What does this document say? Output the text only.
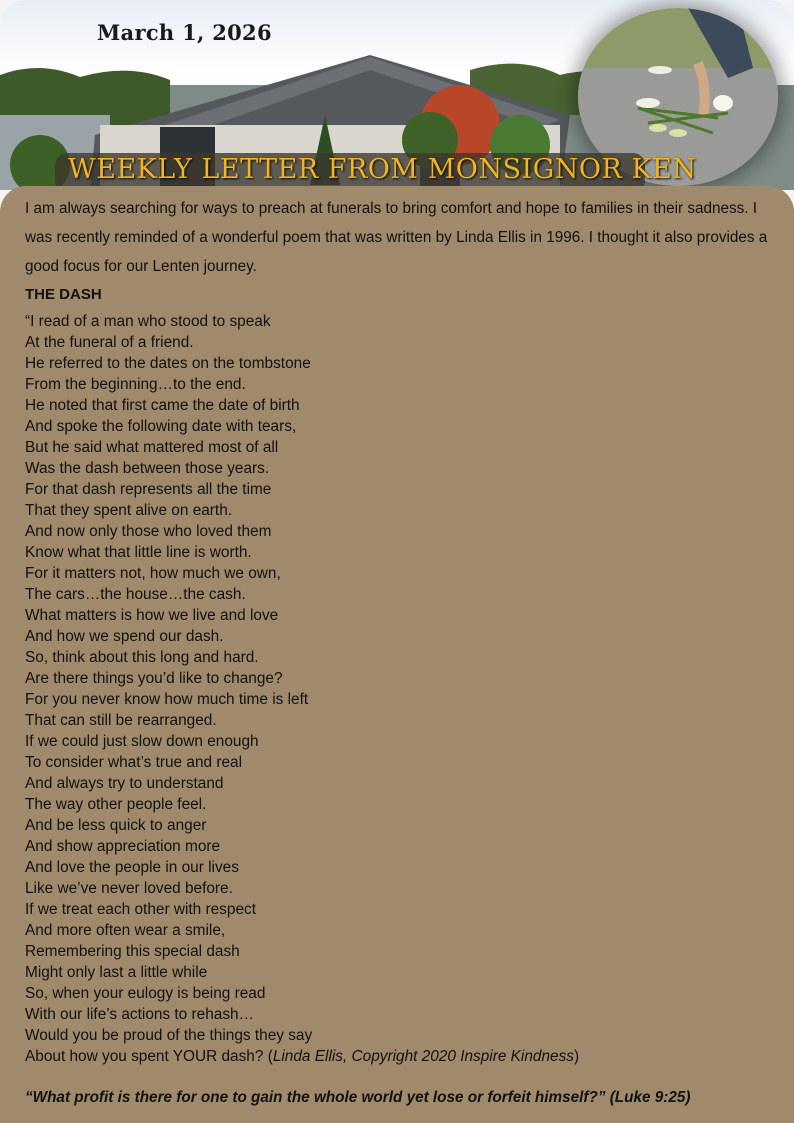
March 1, 2026
WEEKLY LETTER FROM MONSIGNOR KEN
I am always searching for ways to preach at funerals to bring comfort and hope to families in their sadness. I was recently reminded of a wonderful poem that was written by Linda Ellis in 1996. I thought it also provides a good focus for our Lenten journey.
THE DASH
“I read of a man who stood to speak
At the funeral of a friend.
He referred to the dates on the tombstone
From the beginning…to the end.
He noted that first came the date of birth
And spoke the following date with tears,
But he said what mattered most of all
Was the dash between those years.
For that dash represents all the time
That they spent alive on earth.
And now only those who loved them
Know what that little line is worth.
For it matters not, how much we own,
The cars…the house…the cash.
What matters is how we live and love
And how we spend our dash.
So, think about this long and hard.
Are there things you’d like to change?
For you never know how much time is left
That can still be rearranged.
If we could just slow down enough
To consider what’s true and real
And always try to understand
The way other people feel.
And be less quick to anger
And show appreciation more
And love the people in our lives
Like we’ve never loved before.
If we treat each other with respect
And more often wear a smile,
Remembering this special dash
Might only last a little while
So, when your eulogy is being read
With our life’s actions to rehash…
Would you be proud of the things they say
About how you spent YOUR dash? (Linda Ellis, Copyright 2020 Inspire Kindness)
“What profit is there for one to gain the whole world yet lose or forfeit himself?” (Luke 9:25)
